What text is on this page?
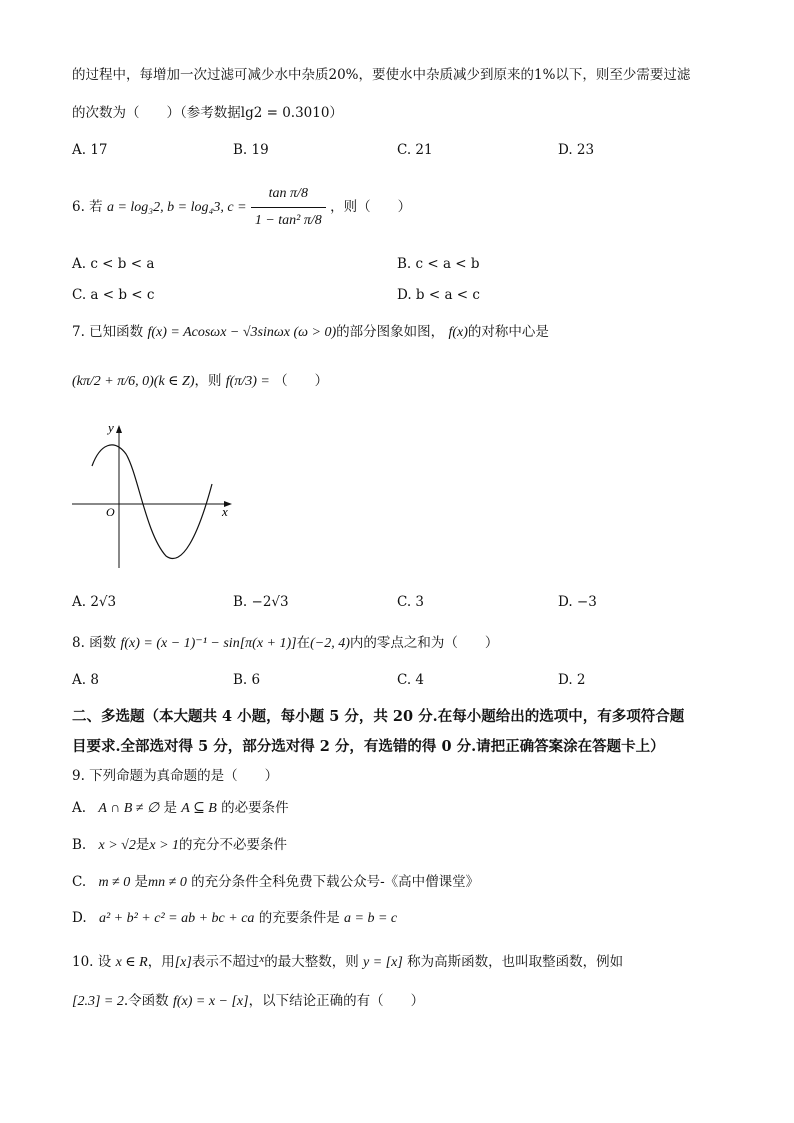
的过程中，每增加一次过滤可减少水中杂质20%，要使水中杂质减少到原来的1%以下，则至少需要过滤
的次数为（　　）（参考数据lg2 = 0.3010）
A. 17	B. 19	C. 21	D. 23
6. 若 a = log₃2, b = log₄3, $c = \frac{\text{tan π/8}}{\text{1 − tan² π/8}}$ ，则（　　）
A. c < b < a	B. c < a < b
C. a < b < c	D. b < a < c
7. 已知函数 f(x) = Acosωx − √3sinωx (ω > 0)的部分图象如图， f(x)的对称中心是
(kπ/2 + π/6, 0)(k ∈ Z)，则 f(π/3) = （　　）
y
x
O
A. 2√3	B. −2√3	C. 3	D. −3
8. 函数 f(x) = (x − 1)⁻¹ − sin[π(x + 1)]在(−2, 4)内的零点之和为（　　）
A. 8	B. 6	C. 4	D. 2
二、多选题（本大题共 4 小题，每小题 5 分，共 20 分.在每小题给出的选项中，有多项符合题
目要求.全部选对得 5 分，部分选对得 2 分，有选错的得 0 分.请把正确答案涂在答题卡上）
9. 下列命题为真命题的是（　　）
A. A ∩ B ≠ ∅ 是 A ⊆ B 的必要条件
B. x > √2是x > 1的充分不必要条件
C. m ≠ 0 是mn ≠ 0 的充分条件全科免费下载公众号-《高中僧课堂》
D. a² + b² + c² = ab + bc + ca 的充要条件是 a = b = c
10. 设 x ∈ R，用[x]表示不超过$^x$的最大整数，则 y = [x] 称为高斯函数，也叫取整函数，例如
[2.3] = 2.令函数 f(x) = x − [x]，以下结论正确的有（　　）
